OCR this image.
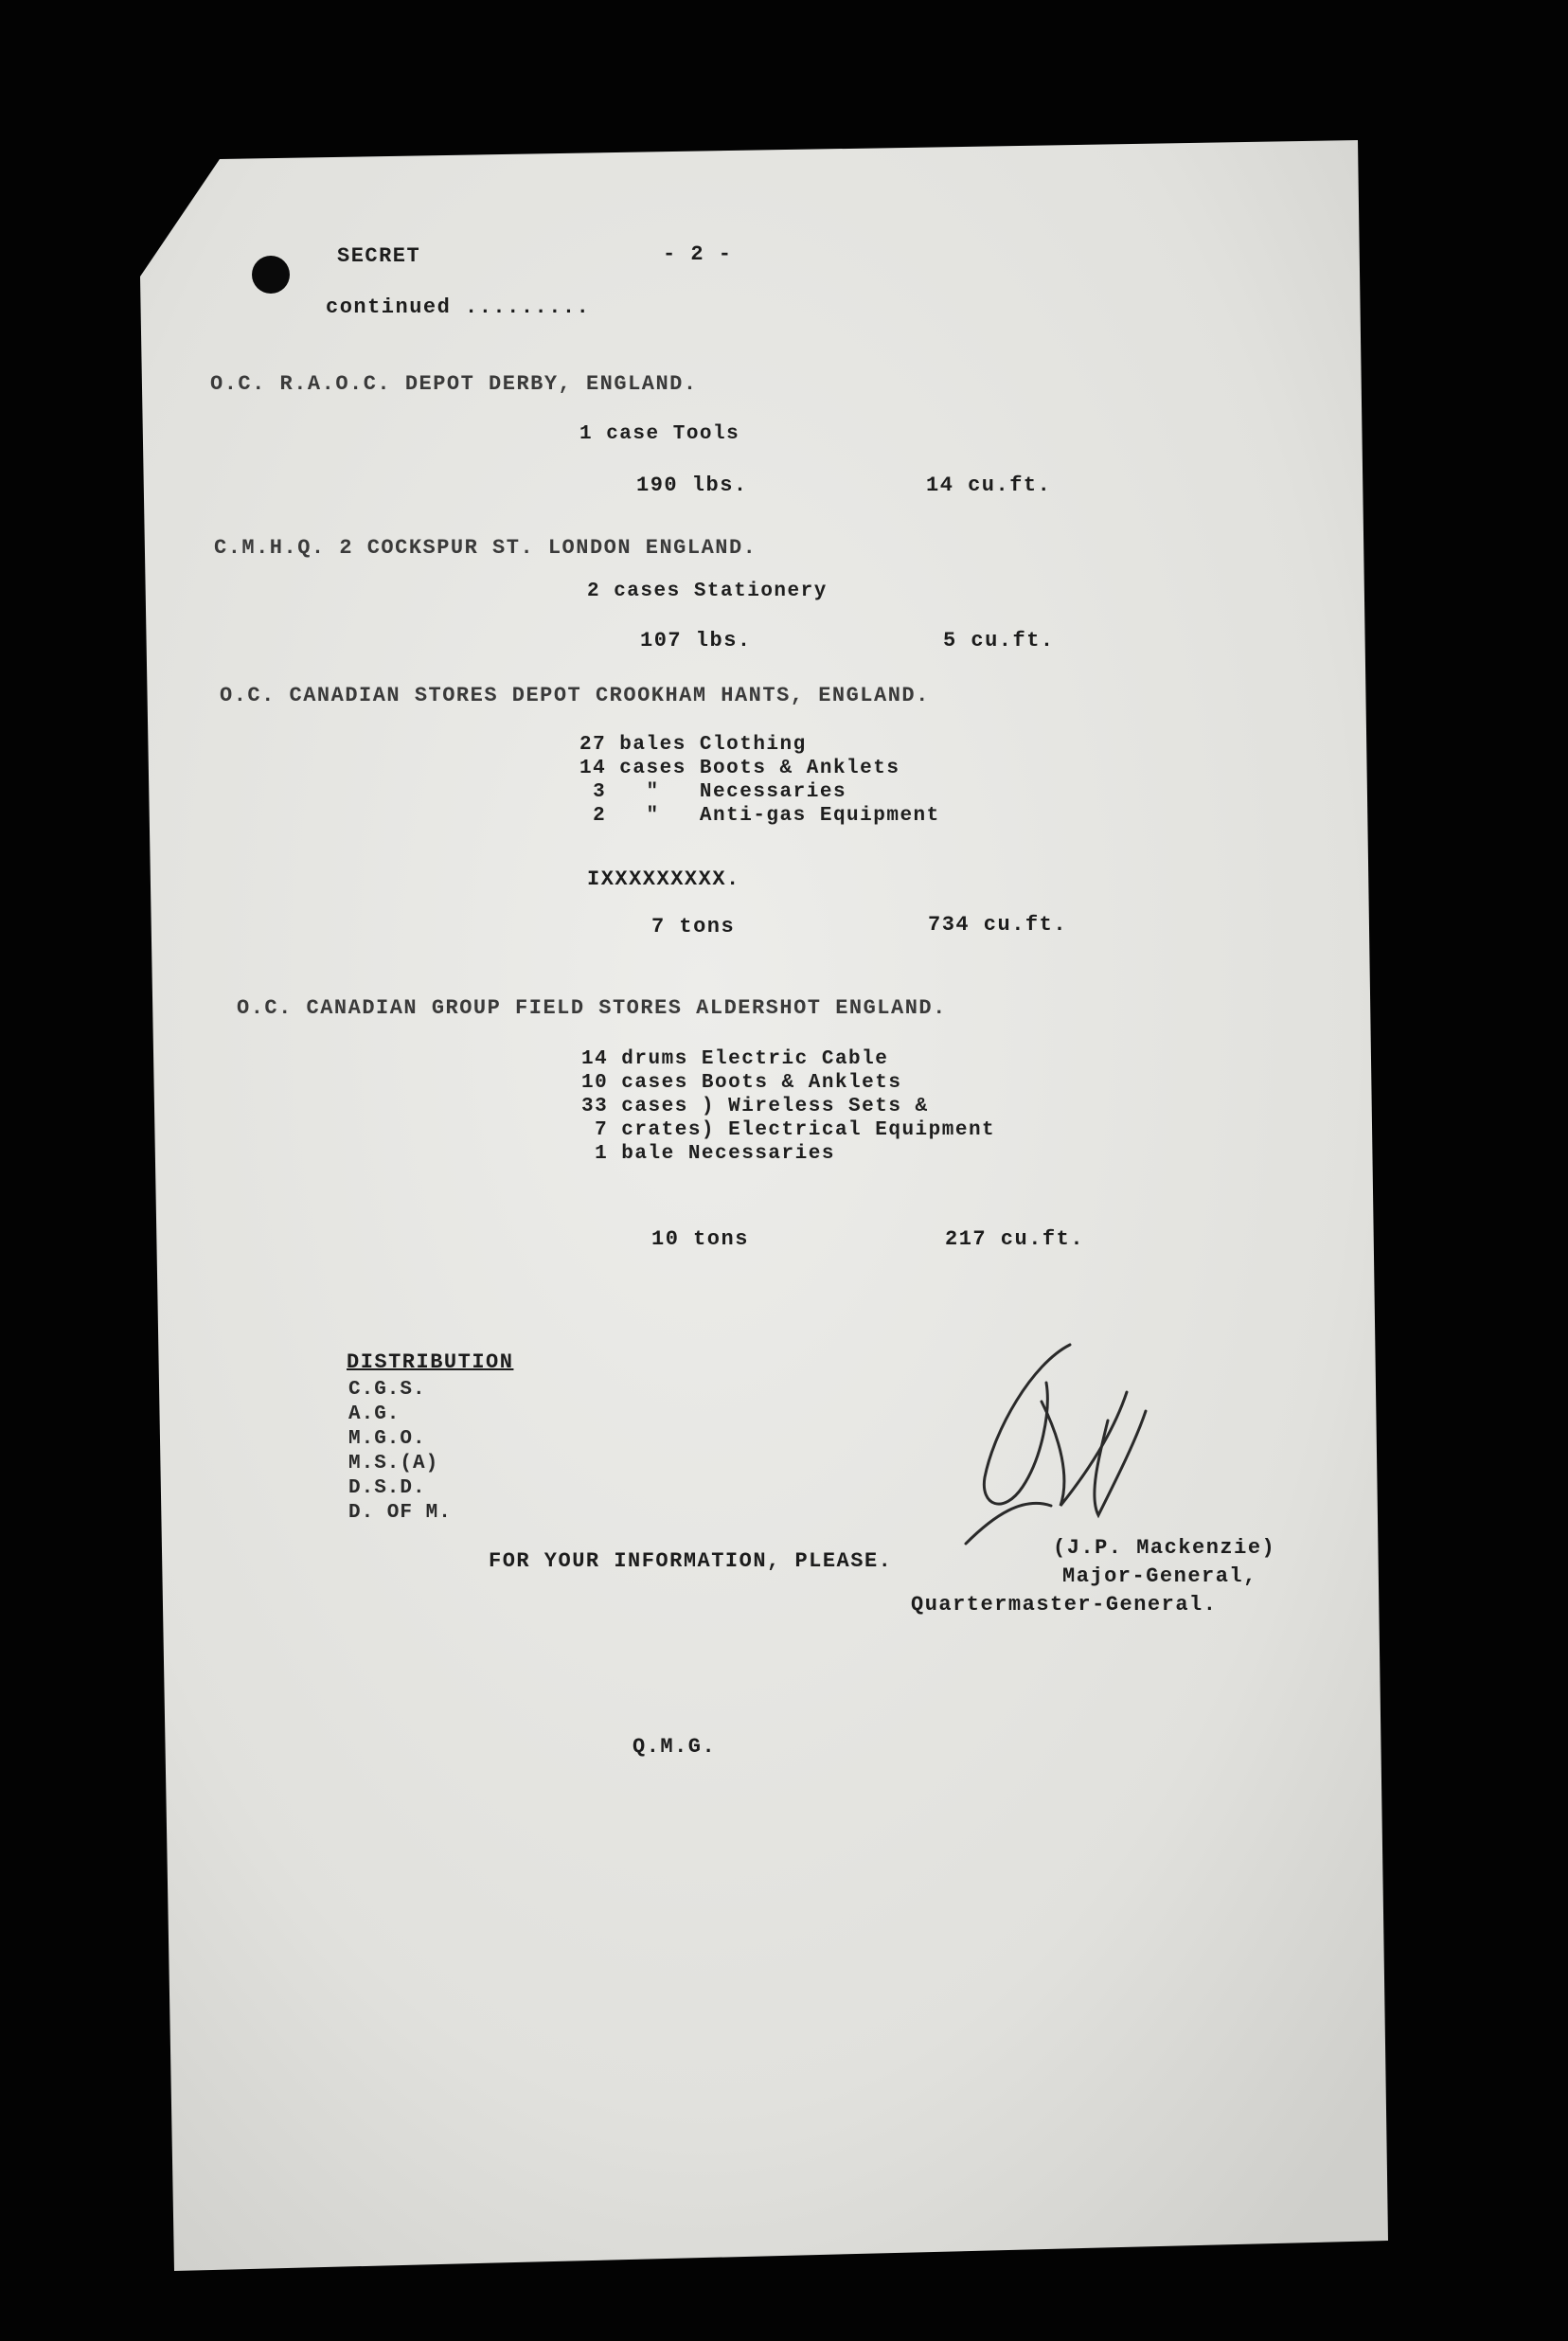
SECRET	- 2 -
continued .........
O.C. R.A.O.C. DEPOT DERBY, ENGLAND.
1 case Tools
190 lbs.	14 cu.ft.
C.M.H.Q. 2 COCKSPUR ST. LONDON ENGLAND.
2 cases Stationery
107 lbs.	5 cu.ft.
O.C. CANADIAN STORES DEPOT CROOKHAM HANTS, ENGLAND.
27 bales Clothing
14 cases Boots & Anklets
3   "   Necessaries
2   "   Anti-gas Equipment
IXXXXXXXXX.
7 tons	734 cu.ft.
O.C. CANADIAN GROUP FIELD STORES ALDERSHOT ENGLAND.
14 drums Electric Cable
10 cases Boots & Anklets
33 cases ) Wireless Sets &
7 crates) Electrical Equipment
1 bale Necessaries
10 tons	217 cu.ft.
DISTRIBUTION
C.G.S.
A.G.
M.G.O.
M.S.(A)
D.S.D.
D. OF M.
FOR YOUR INFORMATION, PLEASE.
(J.P. Mackenzie)
Major-General,
Quartermaster-General.
Q.M.G.
